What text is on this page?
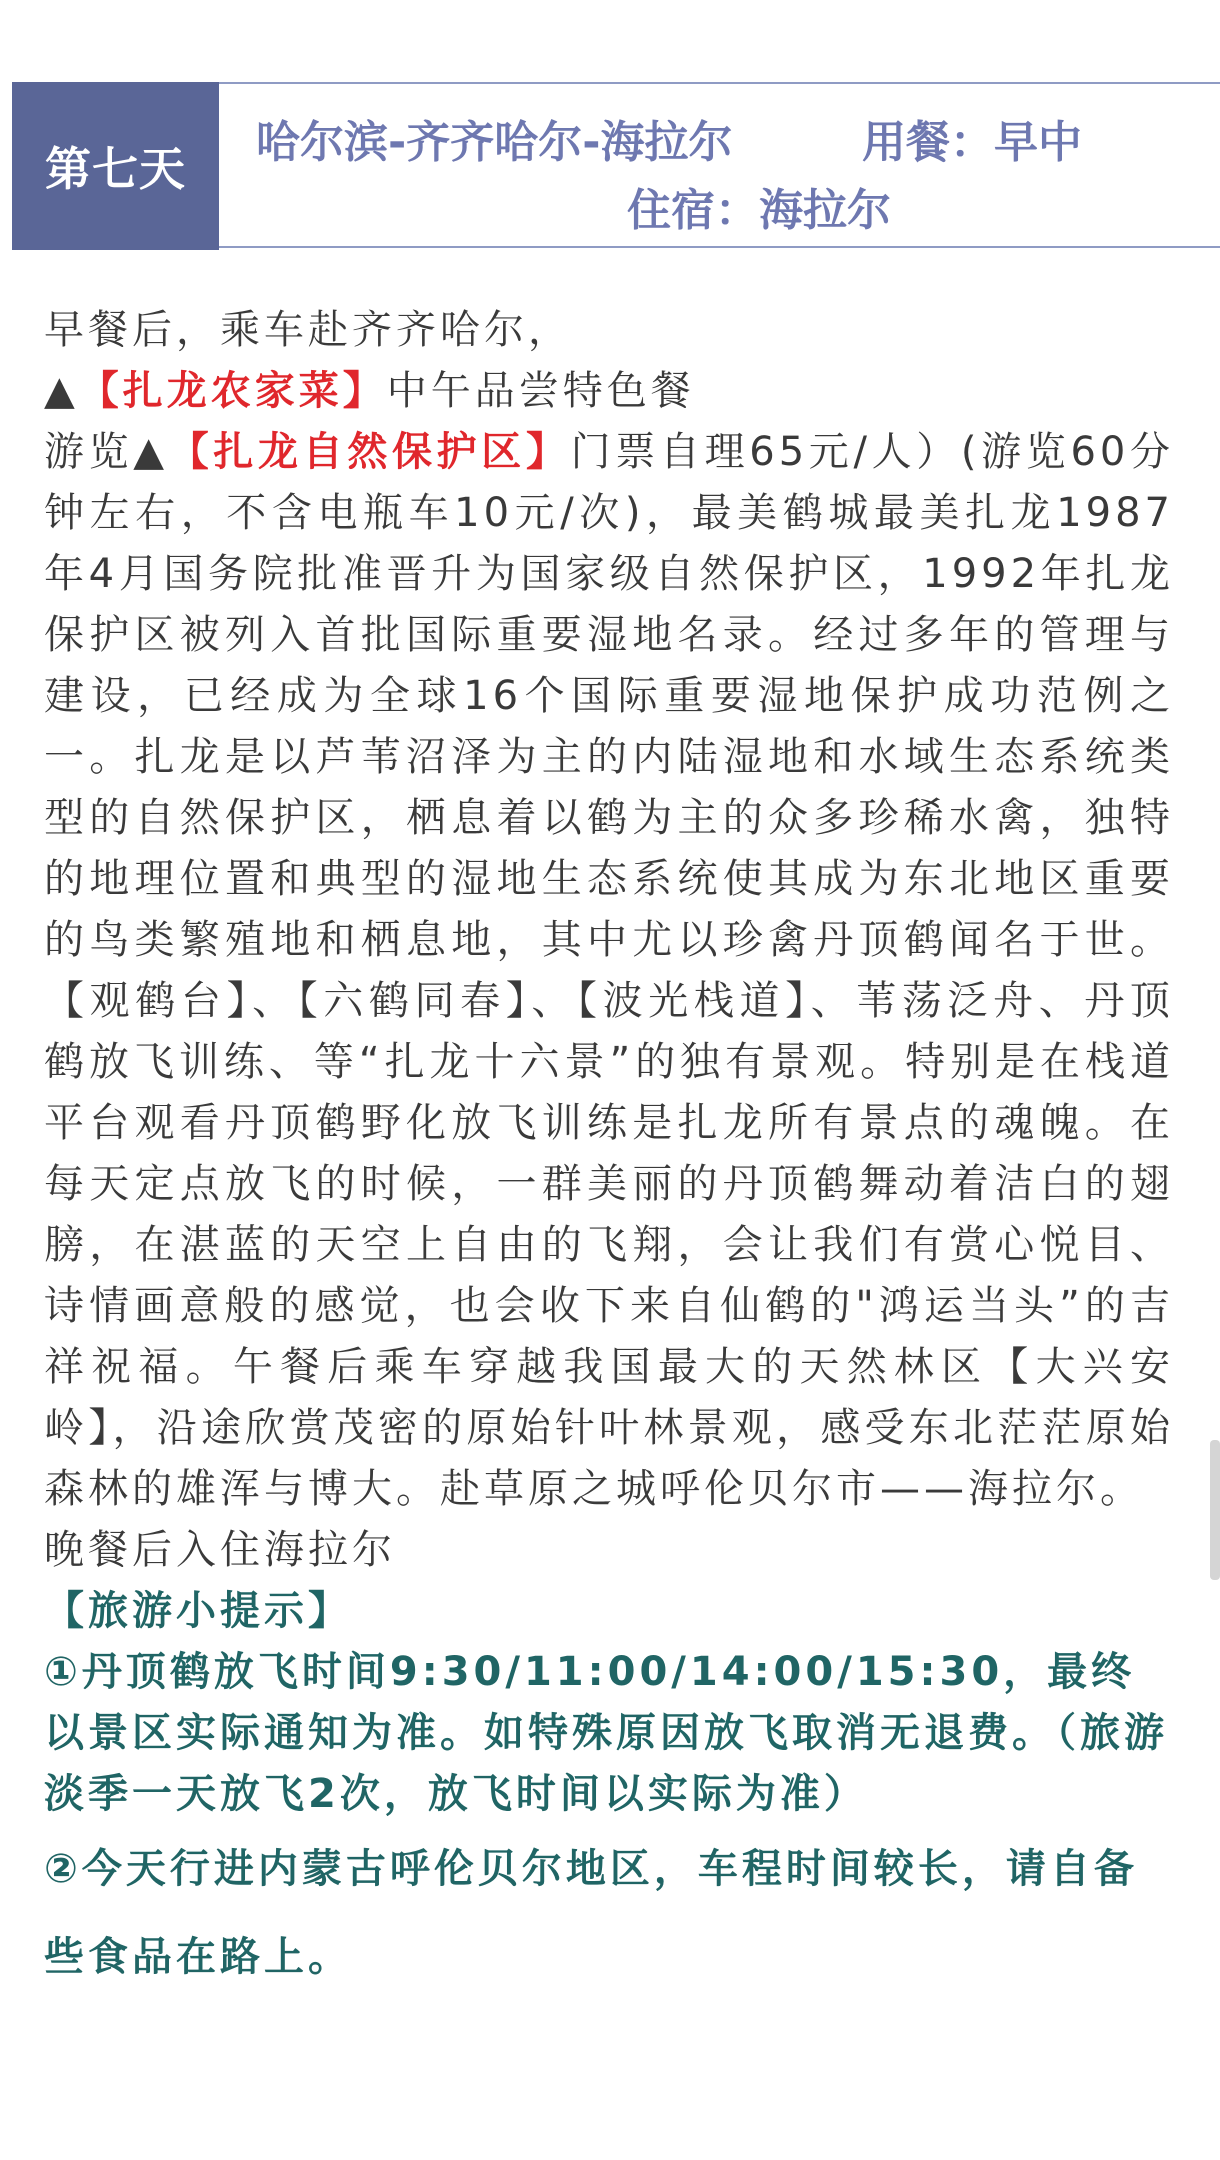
第七天	哈尔滨-齐齐哈尔-海拉尔	用餐：早中
住宿：海拉尔

早餐后，乘车赴齐齐哈尔，

▲【扎龙农家菜】中午品尝特色餐

游览▲【扎龙自然保护区】门票自理65元/人）(游览60分钟左右，不含电瓶车10元/次)，最美鹤城最美扎龙1987年4月国务院批准晋升为国家级自然保护区，1992年扎龙保护区被列入首批国际重要湿地名录。经过多年的管理与建设，已经成为全球16个国际重要湿地保护成功范例之一。扎龙是以芦苇沼泽为主的内陆湿地和水域生态系统类型的自然保护区，栖息着以鹤为主的众多珍稀水禽，独特的地理位置和典型的湿地生态系统使其成为东北地区重要的鸟类繁殖地和栖息地，其中尤以珍禽丹顶鹤闻名于世。【观鹤台】、【六鹤同春】、【波光栈道】、苇荡泛舟、丹顶鹤放飞训练、等“扎龙十六景”的独有景观。特别是在栈道平台观看丹顶鹤野化放飞训练是扎龙所有景点的魂魄。在每天定点放飞的时候，一群美丽的丹顶鹤舞动着洁白的翅膀，在湛蓝的天空上自由的飞翔，会让我们有赏心悦目、诗情画意般的感觉，也会收下来自仙鹤的"鸿运当头”的吉祥祝福。午餐后乘车穿越我国最大的天然林区【大兴安岭】，沿途欣赏茂密的原始针叶林景观，感受东北茫茫原始森林的雄浑与博大。赴草原之城呼伦贝尔市——海拉尔。

晚餐后入住海拉尔

【旅游小提示】

①丹顶鹤放飞时间9:30/11:00/14:00/15:30，最终以景区实际通知为准。如特殊原因放飞取消无退费。（旅游淡季一天放飞2次，放飞时间以实际为准）

②今天行进内蒙古呼伦贝尔地区，车程时间较长，请自备些食品在路上。
